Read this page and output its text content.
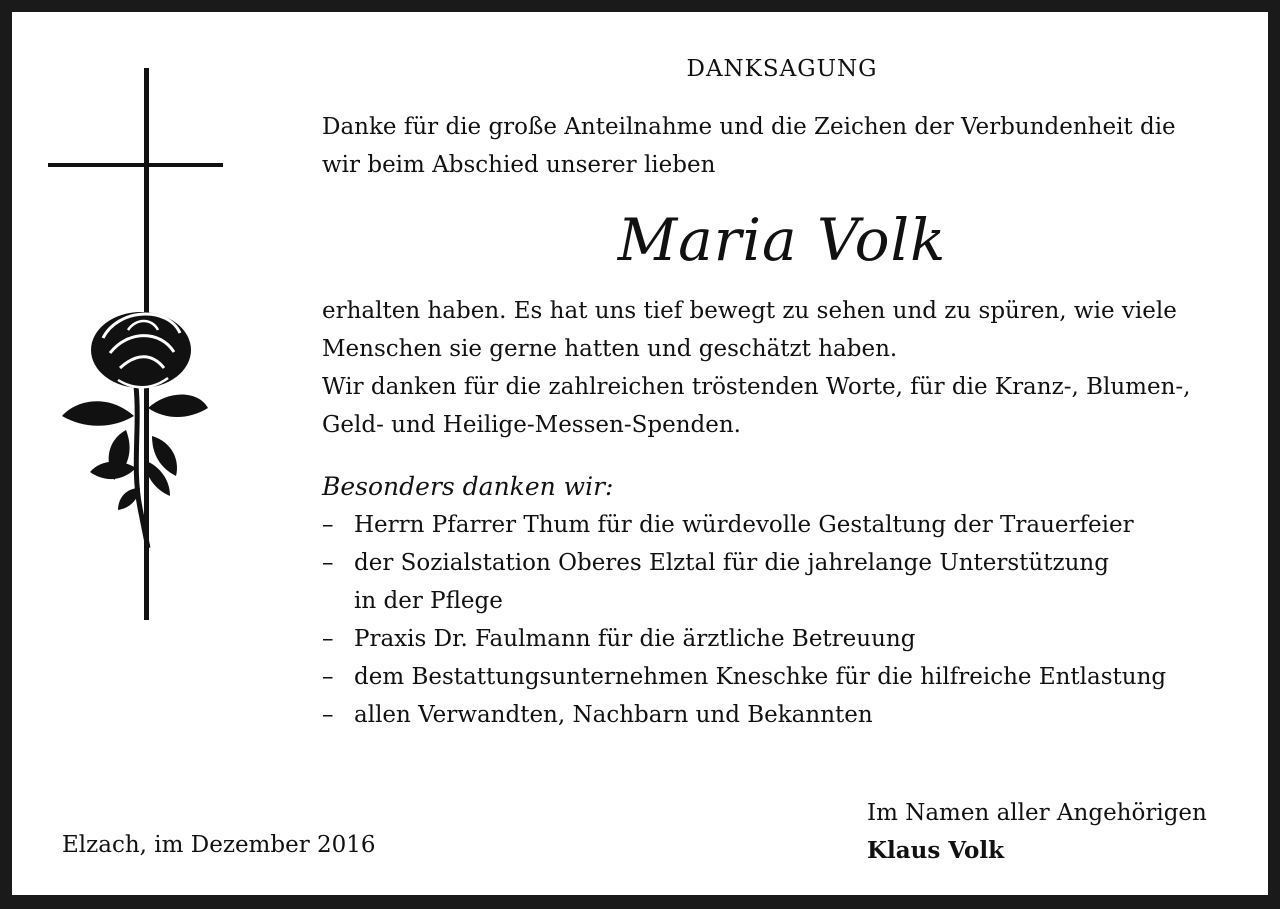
DANKSAGUNG

Danke für die große Anteilnahme und die Zeichen der Verbundenheit die
wir beim Abschied unserer lieben

Maria Volk

erhalten haben. Es hat uns tief bewegt zu sehen und zu spüren, wie viele
Menschen sie gerne hatten und geschätzt haben.
Wir danken für die zahlreichen tröstenden Worte, für die Kranz-, Blumen-,
Geld- und Heilige-Messen-Spenden.

Besonders danken wir:
– Herrn Pfarrer Thum für die würdevolle Gestaltung der Trauerfeier
– der Sozialstation Oberes Elztal für die jahrelange Unterstützung
in der Pflege
– Praxis Dr. Faulmann für die ärztliche Betreuung
– dem Bestattungsunternehmen Kneschke für die hilfreiche Entlastung
– allen Verwandten, Nachbarn und Bekannten
Elzach, im Dezember 2016
Im Namen aller Angehörigen
Klaus Volk
